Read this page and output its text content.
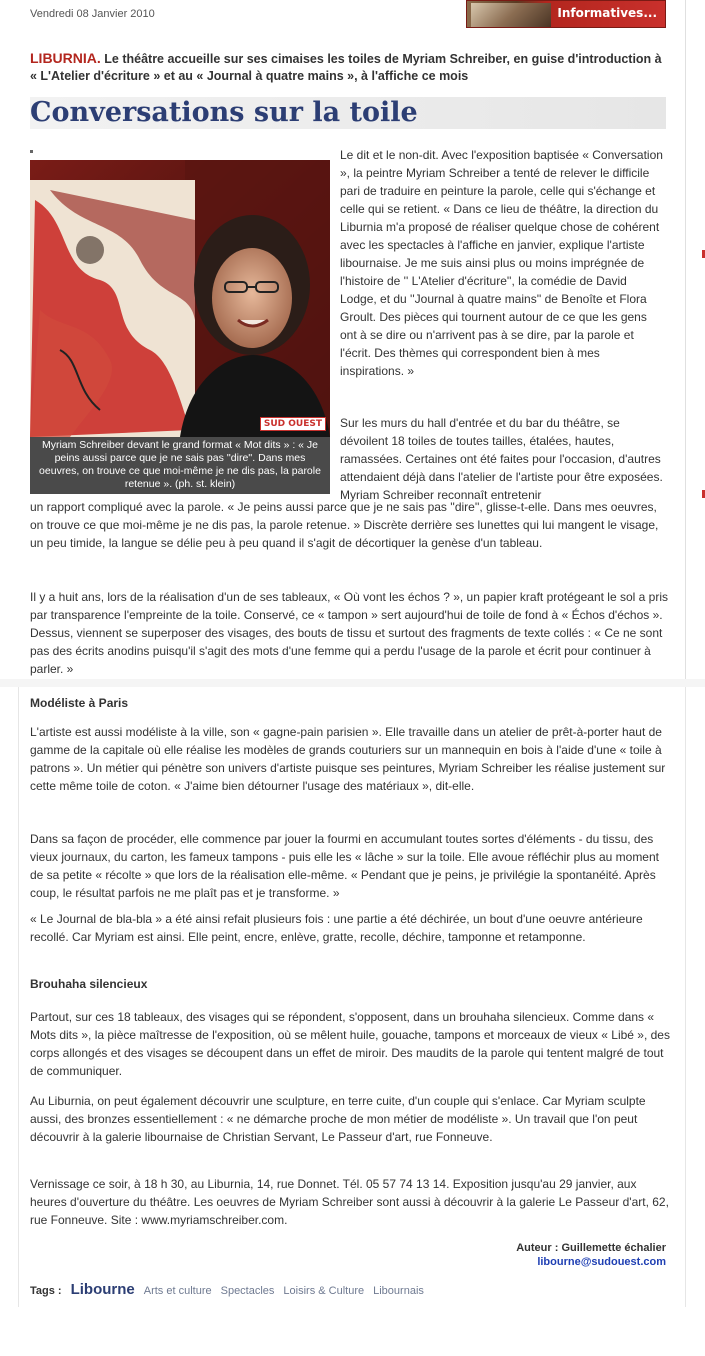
Vendredi 08 Janvier 2010	Informatives...
LIBURNIA. Le théâtre accueille sur ses cimaises les toiles de Myriam Schreiber, en guise d'introduction à « L'Atelier d'écriture » et au « Journal à quatre mains », à l'affiche ce mois
Conversations sur la toile
SUD OUEST
Myriam Schreiber devant le grand format « Mot dits » : « Je peins aussi parce que je ne sais pas ''dire''. Dans mes oeuvres, on trouve ce que moi-même je ne dis pas, la parole retenue ». (ph. st. klein)

Le dit et le non-dit. Avec l'exposition baptisée « Conversation », la peintre Myriam Schreiber a tenté de relever le difficile pari de traduire en peinture la parole, celle qui s'échange et celle qui se retient. « Dans ce lieu de théâtre, la direction du Liburnia m'a proposé de réaliser quelque chose de cohérent avec les spectacles à l'affiche en janvier, explique l'artiste libournaise. Je me suis ainsi plus ou moins imprégnée de l'histoire de '' L'Atelier d'écriture'', la comédie de David Lodge, et du ''Journal à quatre mains'' de Benoîte et Flora Groult. Des pièces qui tournent autour de ce que les gens ont à se dire ou n'arrivent pas à se dire, par la parole et l'écrit. Des thèmes qui correspondent bien à mes inspirations. »

Sur les murs du hall d'entrée et du bar du théâtre, se dévoilent 18 toiles de toutes tailles, étalées, hautes, ramassées. Certaines ont été faites pour l'occasion, d'autres attendaient déjà dans l'atelier de l'artiste pour être exposées. Myriam Schreiber reconnaît entretenir

un rapport compliqué avec la parole. « Je peins aussi parce que je ne sais pas ''dire'', glisse-t-elle. Dans mes oeuvres, on trouve ce que moi-même je ne dis pas, la parole retenue. » Discrète derrière ses lunettes qui lui mangent le visage, un peu timide, la langue se délie peu à peu quand il s'agit de décortiquer la genèse d'un tableau.

Il y a huit ans, lors de la réalisation d'un de ses tableaux, « Où vont les échos ? », un papier kraft protégeant le sol a pris par transparence l'empreinte de la toile. Conservé, ce « tampon » sert aujourd'hui de toile de fond à « Échos d'échos ». Dessus, viennent se superposer des visages, des bouts de tissu et surtout des fragments de texte collés : « Ce ne sont pas des écrits anodins puisqu'il s'agit des mots d'une femme qui a perdu l'usage de la parole et écrit pour continuer à parler. »

Modéliste à Paris

L'artiste est aussi modéliste à la ville, son « gagne-pain parisien ». Elle travaille dans un atelier de prêt-à-porter haut de gamme de la capitale où elle réalise les modèles de grands couturiers sur un mannequin en bois à l'aide d'une « toile à patrons ». Un métier qui pénètre son univers d'artiste puisque ses peintures, Myriam Schreiber les réalise justement sur cette même toile de coton. « J'aime bien détourner l'usage des matériaux », dit-elle.

Dans sa façon de procéder, elle commence par jouer la fourmi en accumulant toutes sortes d'éléments - du tissu, des vieux journaux, du carton, les fameux tampons - puis elle les « lâche » sur la toile. Elle avoue réfléchir plus au moment de sa petite « récolte » que lors de la réalisation elle-même. « Pendant que je peins, je privilégie la spontanéité. Après coup, le résultat parfois ne me plaît pas et je transforme. »

« Le Journal de bla-bla » a été ainsi refait plusieurs fois : une partie a été déchirée, un bout d'une oeuvre antérieure recollé. Car Myriam est ainsi. Elle peint, encre, enlève, gratte, recolle, déchire, tamponne et retamponne.

Brouhaha silencieux

Partout, sur ces 18 tableaux, des visages qui se répondent, s'opposent, dans un brouhaha silencieux. Comme dans « Mots dits », la pièce maîtresse de l'exposition, où se mêlent huile, gouache, tampons et morceaux de vieux « Libé », des corps allongés et des visages se découpent dans un effet de miroir. Des maudits de la parole qui tentent malgré de tout de communiquer.

Au Liburnia, on peut également découvrir une sculpture, en terre cuite, d'un couple qui s'enlace. Car Myriam sculpte aussi, des bronzes essentiellement : « ne démarche proche de mon métier de modéliste ». Un travail que l'on peut découvrir à la galerie libournaise de Christian Servant, Le Passeur d'art, rue Fonneuve.

Vernissage ce soir, à 18 h 30, au Liburnia, 14, rue Donnet. Tél. 05 57 74 13 14. Exposition jusqu'au 29 janvier, aux heures d'ouverture du théâtre. Les oeuvres de Myriam Schreiber sont aussi à découvrir à la galerie Le Passeur d'art, 62, rue Fonneuve. Site : www.myriamschreiber.com.

Auteur : Guillemette échalier
libourne@sudouest.com
Tags : Libourne Arts et culture Spectacles Loisirs & Culture Libournais
